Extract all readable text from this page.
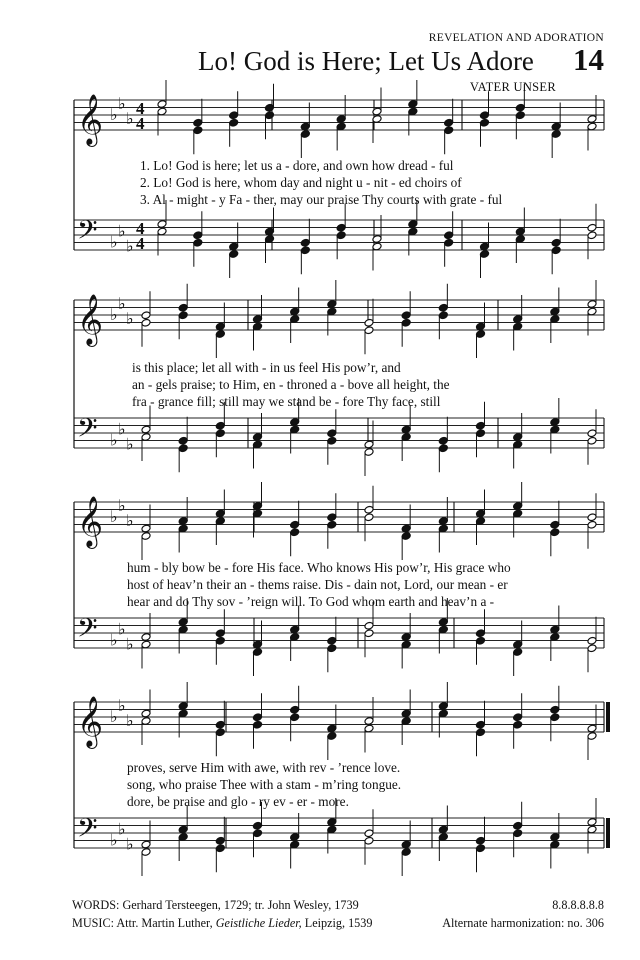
REVELATION AND ADORATION
Lo! God is Here; Let Us Adore 14
VATER UNSER
𝄞 ♭
♭
♭
4
4
𝄢 ♭
♭
♭
4
4
𝄞 ♭
♭
♭
𝄢 ♭
♭
♭
𝄞 ♭
♭
♭
𝄢 ♭
♭
♭
𝄞 ♭
♭
♭
𝄢 ♭
♭
♭
1. Lo! God is here; let us a - dore, and own how dread - ful
2. Lo! God is here, whom day and night u - nit - ed choirs of
3. Al - might - y Fa - ther, may our praise Thy courts with grate - ful
is this place; let all with - in us feel His pow’r, and
an - gels praise; to Him, en - throned a - bove all height, the
fra - grance fill; still may we stand be - fore Thy face, still
hum - bly bow be - fore His face. Who knows His pow’r, His grace who
host of heav’n their an - thems raise. Dis - dain not, Lord, our mean - er
hear and do Thy sov - ’reign will. To God whom earth and heav’n a -
proves, serve Him with awe, with rev - ’rence love.
song, who praise Thee with a stam - m’ring tongue.
dore, be praise and glo - ry ev - er - more.
WORDS: Gerhard Tersteegen, 1729; tr. John Wesley, 1739
MUSIC: Attr. Martin Luther, Geistliche Lieder, Leipzig, 1539
8.8.8.8.8.8
Alternate harmonization: no. 306
